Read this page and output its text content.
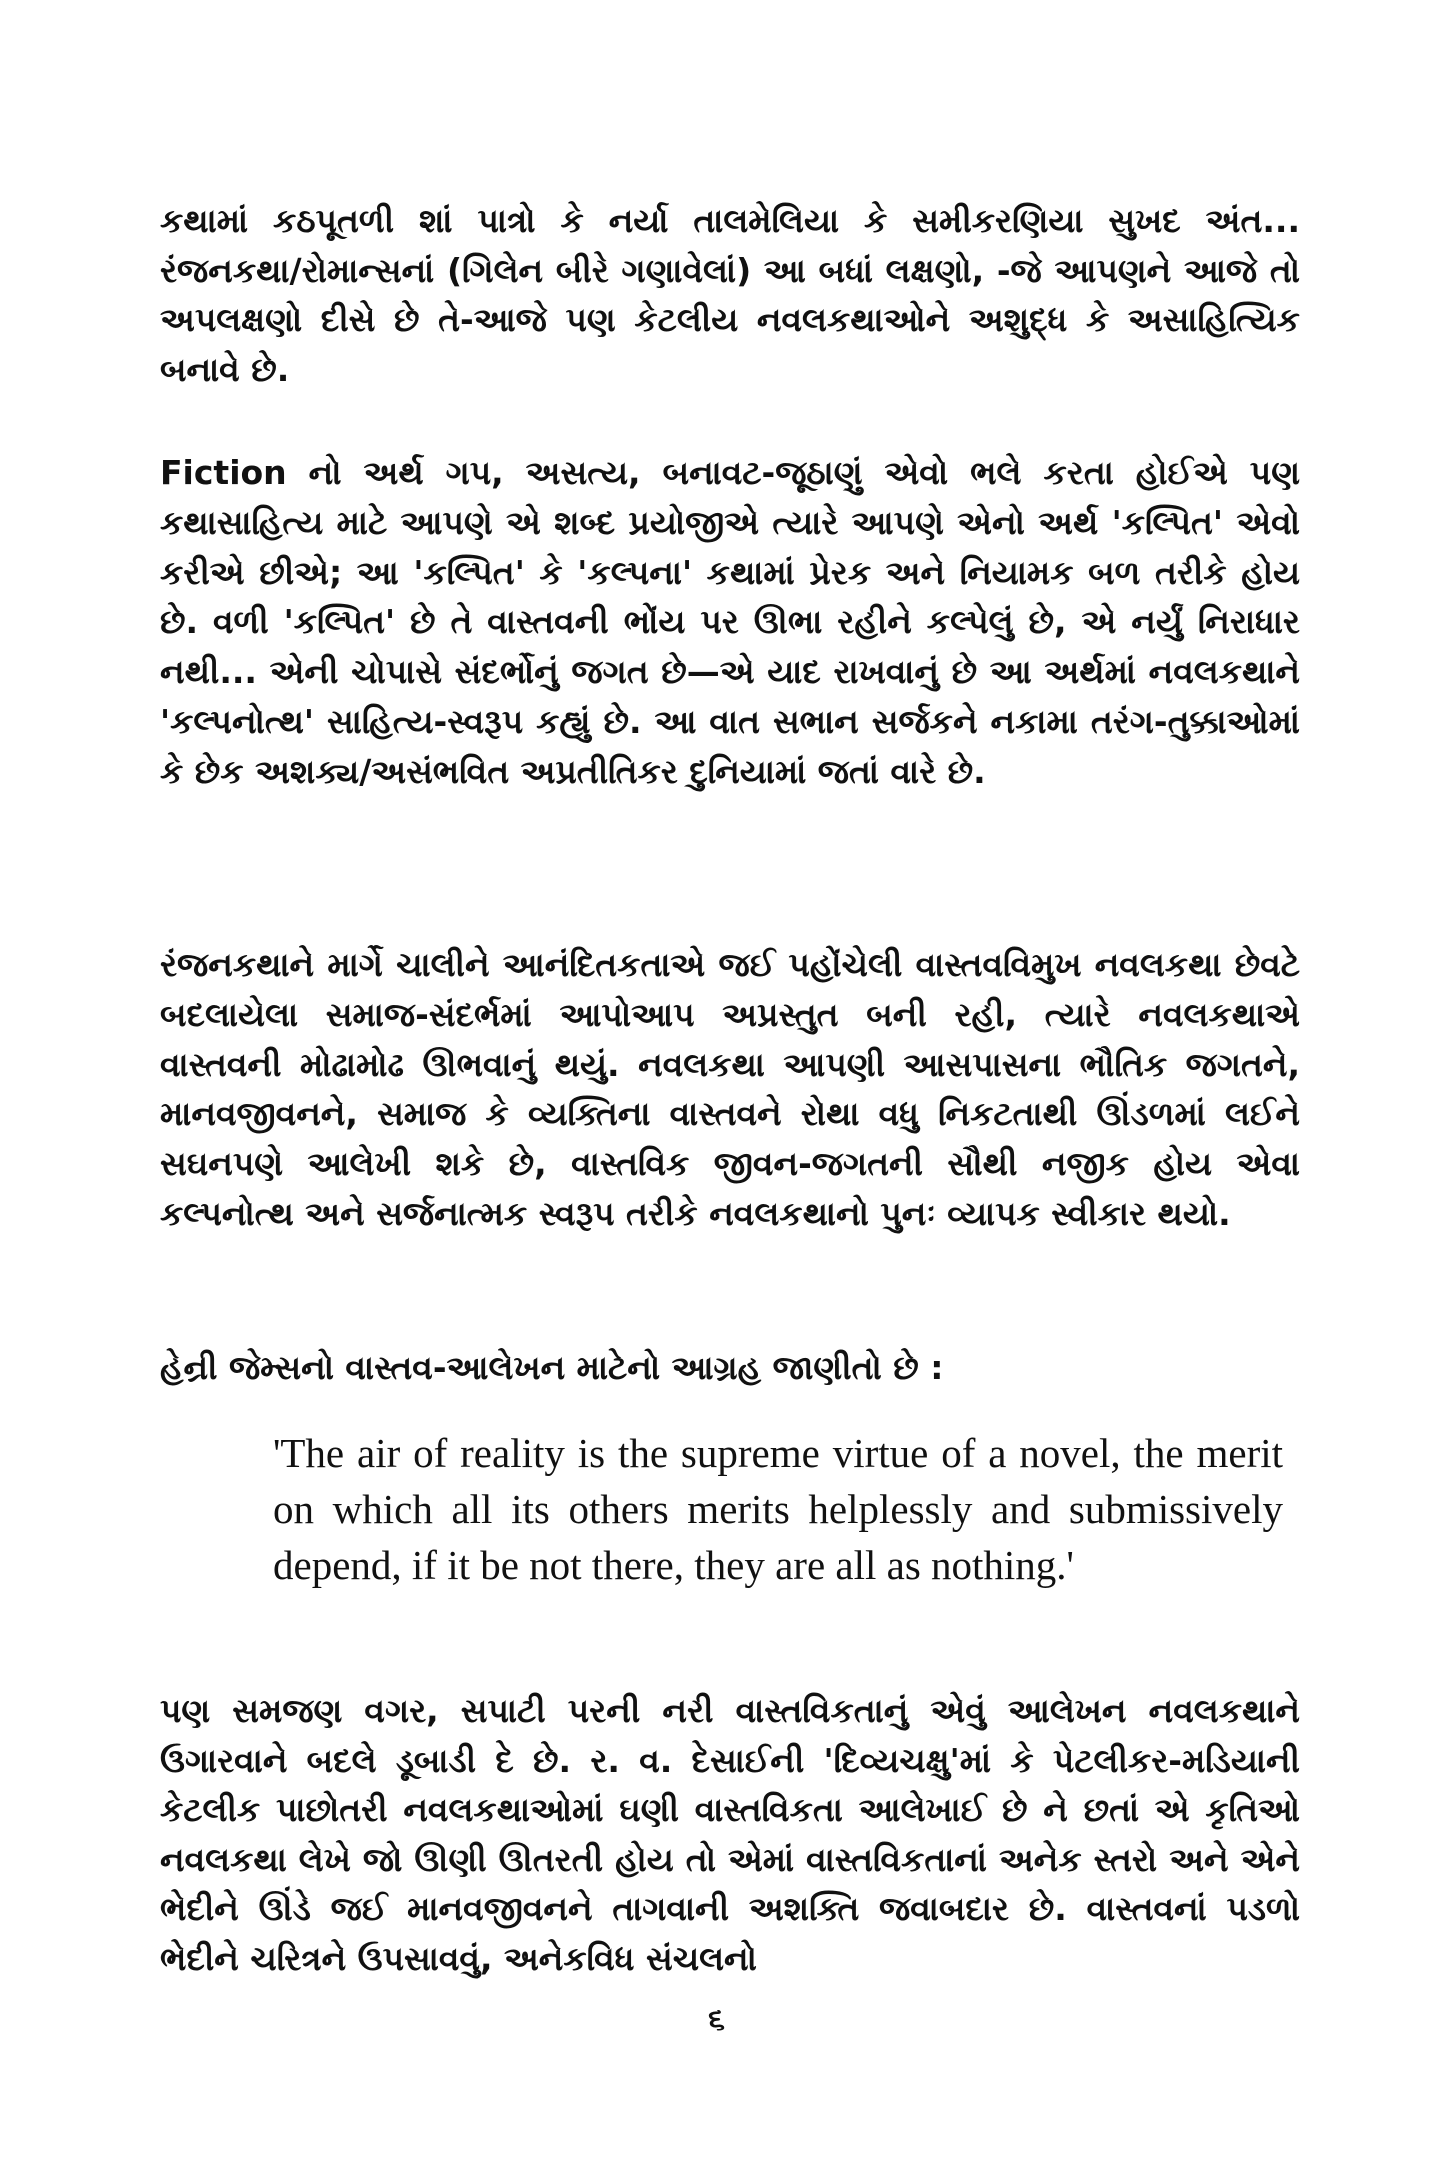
કથામાં કઠપૂતળી શાં પાત્રો કે નર્યા તાલમેલિયા કે સમીકરણિયા સુખદ અંત... રંજનકથા/રોમાન્સનાં (ગિલેન બીરે ગણાવેલાં) આ બધાં લક્ષણો, -જે આપણને આજે તો અપલક્ષણો દીસે છે તે-આજે પણ કેટલીય નવલકથાઓને અશુદ્ધ કે અસાહિત્યિક બનાવે છે.

Fiction નો અર્થ ગપ, અસત્ય, બનાવટ-જૂઠાણું એવો ભલે કરતા હોઈએ પણ કથાસાહિત્ય માટે આપણે એ શબ્દ પ્રયોજીએ ત્યારે આપણે એનો અર્થ 'કલ્પિત' એવો કરીએ છીએ; આ 'કલ્પિત' કે 'કલ્પના' કથામાં પ્રેરક અને નિયામક બળ તરીકે હોય છે. વળી 'કલ્પિત' છે તે વાસ્તવની ભોંય પર ઊભા રહીને કલ્પેલું છે, એ નર્યું નિરાધાર નથી... એની ચોપાસે સંદર્ભોનું જગત છે—એ યાદ રાખવાનું છે આ અર્થમાં નવલકથાને 'કલ્પનોત્થ' સાહિત્ય-સ્વરૂપ કહ્યું છે. આ વાત સભાન સર્જકને નકામા તરંગ-તુક્કાઓમાં કે છેક અશક્ય/અસંભવિત અપ્રતીતિકર દુનિયામાં જતાં વારે છે.

રંજનકથાને માર્ગે ચાલીને આનંદિતકતાએ જઈ પહોંચેલી વાસ્તવવિમુખ નવલકથા છેવટે બદલાયેલા સમાજ-સંદર્ભમાં આપોઆપ અપ્રસ્તુત બની રહી, ત્યારે નવલકથાએ વાસ્તવની મોઢામોઢ ઊભવાનું થયું. નવલકથા આપણી આસપાસના ભૌતિક જગતને, માનવજીવનને, સમાજ કે વ્યક્તિના વાસ્તવને રોથા વધુ નિકટતાથી ઊંડળમાં લઈને સઘનપણે આલેખી શકે છે, વાસ્તવિક જીવન-જગતની સૌથી નજીક હોય એવા કલ્પનોત્થ અને સર્જનાત્મક સ્વરૂપ તરીકે નવલકથાનો પુનઃ વ્યાપક સ્વીકાર થયો.

હેન્રી જેમ્સનો વાસ્તવ-આલેખન માટેનો આગ્રહ જાણીતો છે :

'The air of reality is the supreme virtue of a novel, the merit on which all its others merits helplessly and submissively depend, if it be not there, they are all as nothing.'

પણ સમજણ વગર, સપાટી પરની નરી વાસ્તવિકતાનું એવું આલેખન નવલકથાને ઉગારવાને બદલે ડૂબાડી દે છે. ર. વ. દેસાઈની 'દિવ્યચક્ષુ'માં કે પેટલીકર-મડિયાની કેટલીક પાછોતરી નવલકથાઓમાં ઘણી વાસ્તવિકતા આલેખાઈ છે ને છતાં એ કૃતિઓ નવલકથા લેખે જો ઊણી ઊતરતી હોય તો એમાં વાસ્તવિકતાનાં અનેક સ્તરો અને એને ભેદીને ઊંડે જઈ માનવજીવનને તાગવાની અશક્તિ જવાબદાર છે. વાસ્તવનાં પડળો ભેદીને ચરિત્રને ઉપસાવવું, અનેકવિધ સંચલનો

૬
